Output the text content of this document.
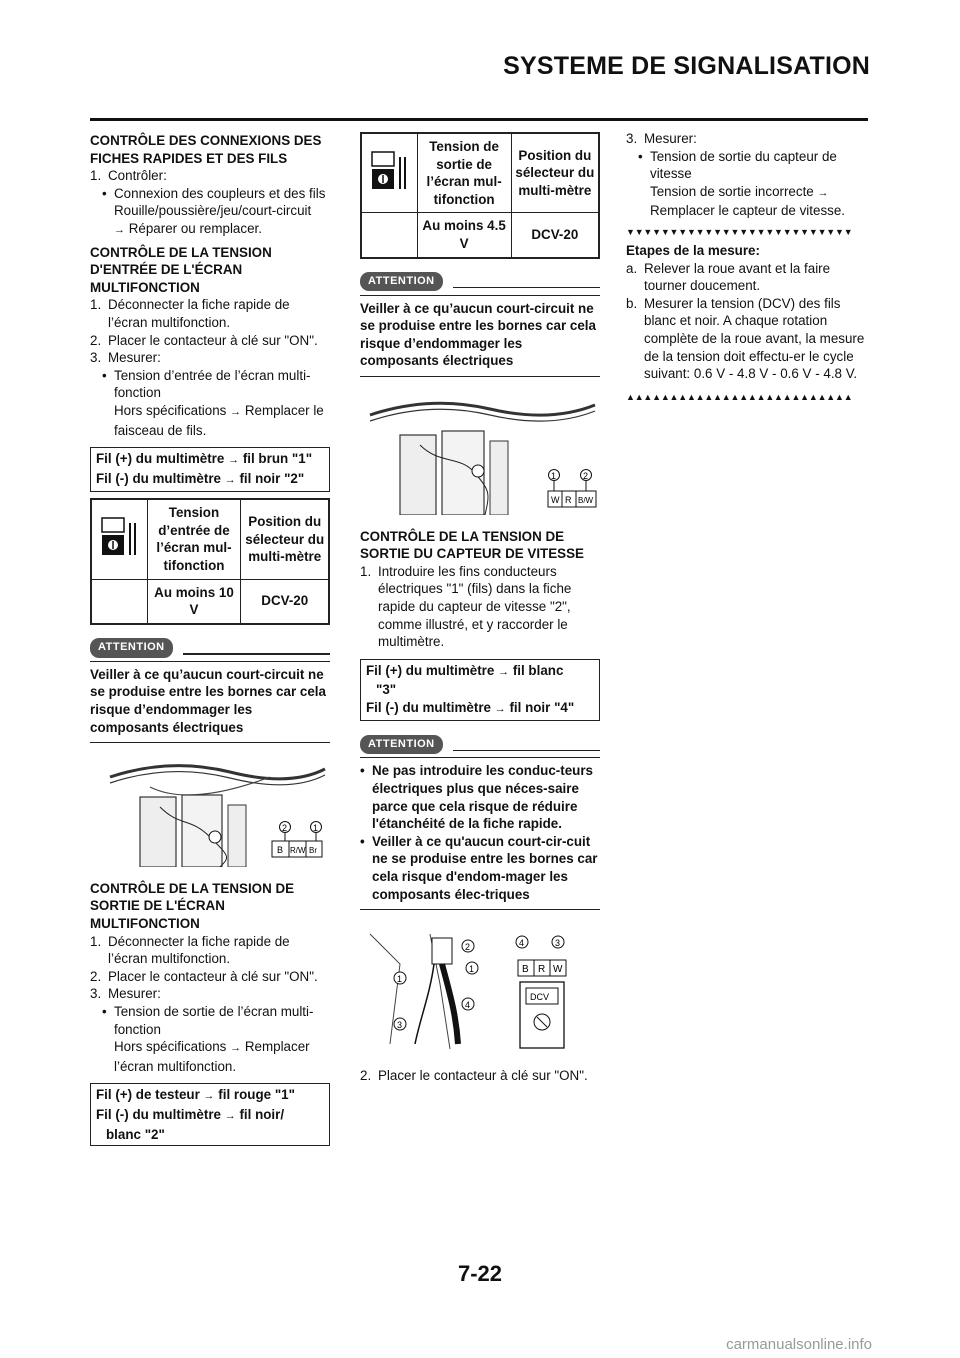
SYSTEME DE SIGNALISATION
CONTRÔLE DES CONNEXIONS DES FICHES RAPIDES ET DES FILS
1. Contrôler:
• Connexion des coupleurs et des fils
Rouille/poussière/jeu/court-circuit
→ Réparer ou remplacer.
CONTRÔLE DE LA TENSION D'ENTRÉE DE L'ÉCRAN MULTIFONCTION
1. Déconnecter la fiche rapide de l’écran multifonction.
2. Placer le contacteur à clé sur "ON".
3. Mesurer:
• Tension d’entrée de l’écran multi-fonction
Hors spécifications → Remplacer le faisceau de fils.
Fil (+) du multimètre → fil brun "1"
Fil (-) du multimètre → fil noir "2"
	Tension d’entrée de l’écran mul-tifonction	Position du sélecteur du multi-mètre
	Au moins 10 V	DCV-20
ATTENTION
Veiller à ce qu’aucun court-circuit ne se produise entre les bornes car cela risque d’endommager les composants électriques
B R/W Br
2	1
CONTRÔLE DE LA TENSION DE SORTIE DE L'ÉCRAN MULTIFONCTION
1. Déconnecter la fiche rapide de l’écran multifonction.
2. Placer le contacteur à clé sur "ON".
3. Mesurer:
• Tension de sortie de l’écran multi-fonction
Hors spécifications → Remplacer l’écran multifonction.
Fil (+) de testeur → fil rouge "1"
Fil (-) du multimètre → fil noir/
blanc "2"
	Tension de sortie de l’écran mul-tifonction	Position du sélecteur du multi-mètre
	Au moins 4.5 V	DCV-20
ATTENTION
Veiller à ce qu’aucun court-circuit ne se produise entre les bornes car cela risque d’endommager les composants électriques
W R B/W
1	2
CONTRÔLE DE LA TENSION DE SORTIE DU CAPTEUR DE VITESSE
1. Introduire les fins conducteurs électriques "1" (fils) dans la fiche rapide du capteur de vitesse "2", comme illustré, et y raccorder le multimètre.
Fil (+) du multimètre → fil blanc
"3"
Fil (-) du multimètre → fil noir "4"
ATTENTION
• Ne pas introduire les conduc-teurs électriques plus que néces-saire parce que cela risque de réduire l'étanchéité de la fiche rapide.
• Veiller à ce qu'aucun court-cir-cuit ne se produise entre les bornes car cela risque d'endom-mager les composants élec-triques
2
1
1
4
3
4	3
B R W
DCV
2. Placer le contacteur à clé sur "ON".
3. Mesurer:
• Tension de sortie du capteur de vitesse
Tension de sortie incorrecte →
Remplacer le capteur de vitesse.
▼▼▼▼▼▼▼▼▼▼▼▼▼▼▼▼▼▼▼▼▼▼▼▼▼▼
Etapes de la mesure:
a. Relever la roue avant et la faire tourner doucement.
b. Mesurer la tension (DCV) des fils blanc et noir. A chaque rotation complète de la roue avant, la mesure de la tension doit effectu-er le cycle suivant: 0.6 V - 4.8 V - 0.6 V - 4.8 V.
▲▲▲▲▲▲▲▲▲▲▲▲▲▲▲▲▲▲▲▲▲▲▲▲▲▲
7-22
carmanualsonline.info
